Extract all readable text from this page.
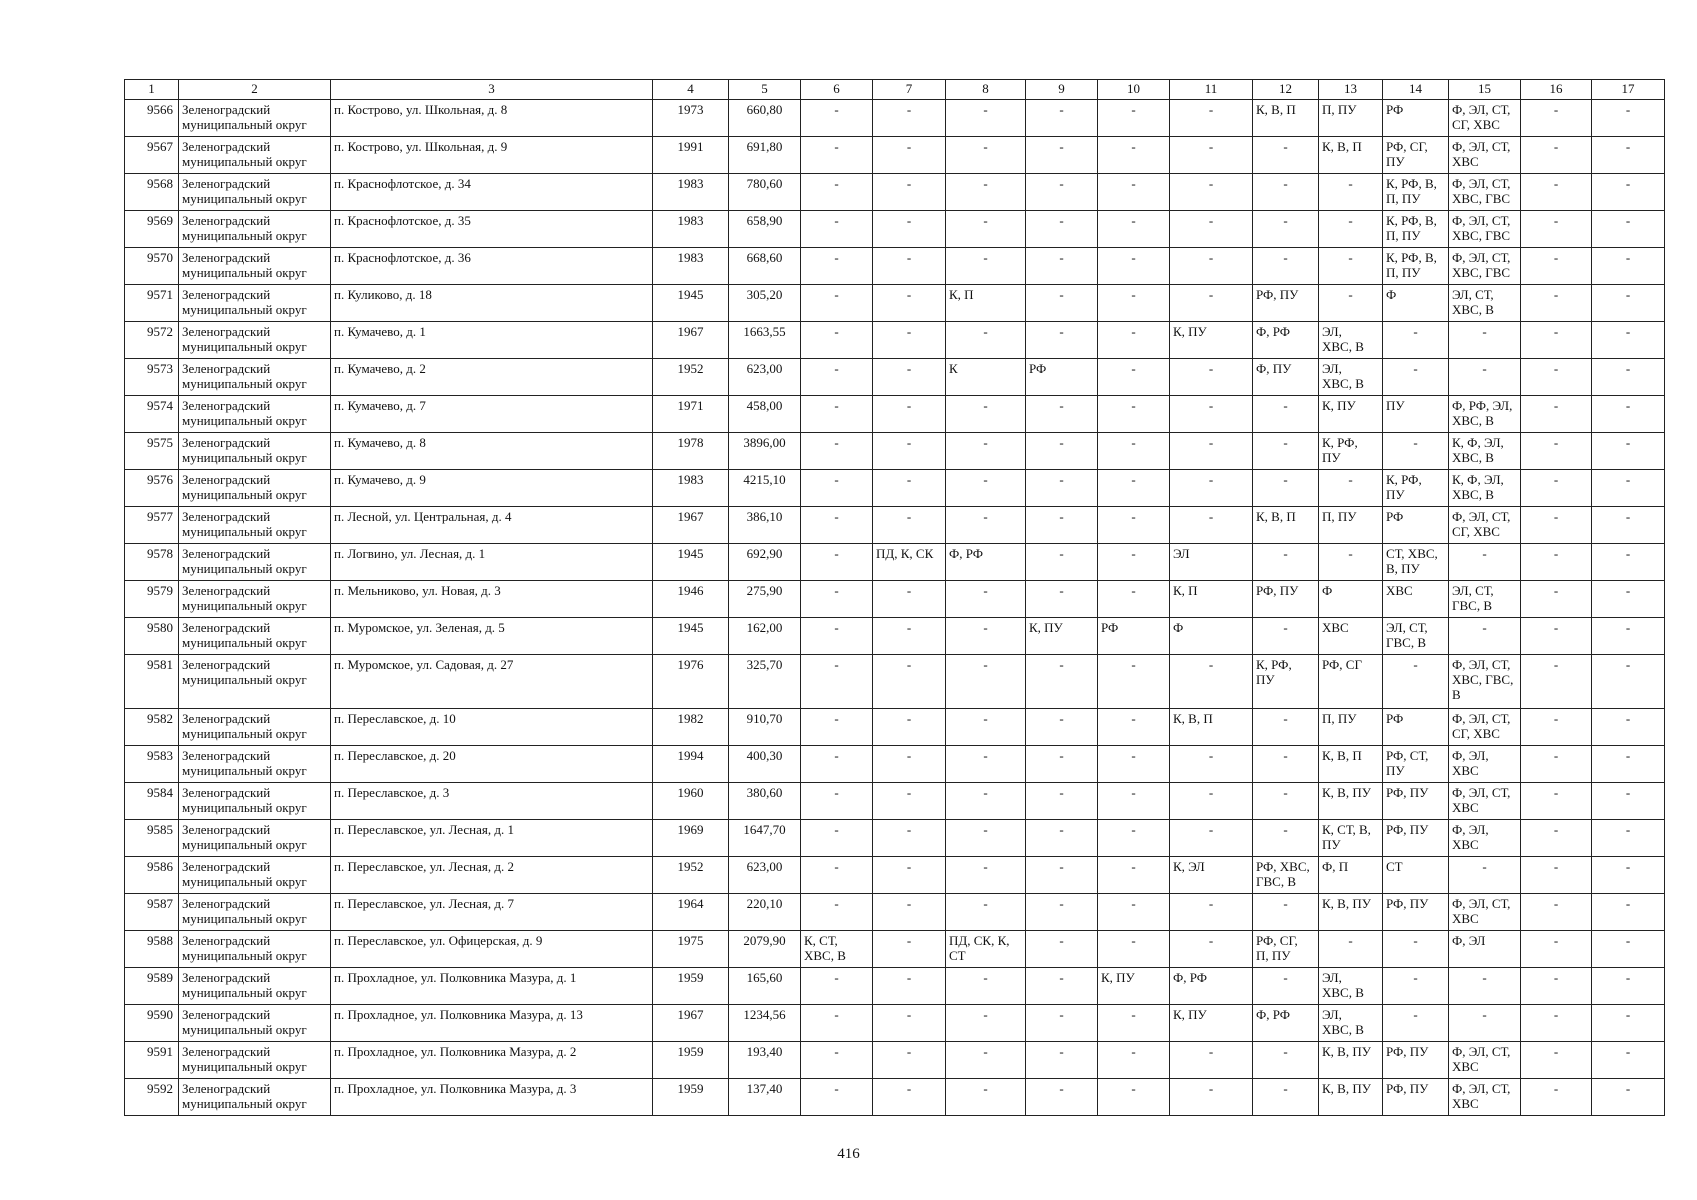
1	2	3	4	5	6	7	8	9	10	11	12	13	14	15	16	17
9566	Зеленоградский
муниципальный округ	п. Кострово, ул. Школьная, д. 8	1973	660,80	-	-	-	-	-	-	К, В, П	П, ПУ	РФ	Ф, ЭЛ, СТ,
СГ, ХВС	-	-
9567	Зеленоградский
муниципальный округ	п. Кострово, ул. Школьная, д. 9	1991	691,80	-	-	-	-	-	-	-	К, В, П	РФ, СГ,
ПУ	Ф, ЭЛ, СТ,
ХВС	-	-
9568	Зеленоградский
муниципальный округ	п. Краснофлотское, д. 34	1983	780,60	-	-	-	-	-	-	-	-	К, РФ, В,
П, ПУ	Ф, ЭЛ, СТ,
ХВС, ГВС	-	-
9569	Зеленоградский
муниципальный округ	п. Краснофлотское, д. 35	1983	658,90	-	-	-	-	-	-	-	-	К, РФ, В,
П, ПУ	Ф, ЭЛ, СТ,
ХВС, ГВС	-	-
9570	Зеленоградский
муниципальный округ	п. Краснофлотское, д. 36	1983	668,60	-	-	-	-	-	-	-	-	К, РФ, В,
П, ПУ	Ф, ЭЛ, СТ,
ХВС, ГВС	-	-
9571	Зеленоградский
муниципальный округ	п. Куликово, д. 18	1945	305,20	-	-	К, П	-	-	-	РФ, ПУ	-	Ф	ЭЛ, СТ,
ХВС, В	-	-
9572	Зеленоградский
муниципальный округ	п. Кумачево, д. 1	1967	1663,55	-	-	-	-	-	К, ПУ	Ф, РФ	ЭЛ,
ХВС, В	-	-	-	-
9573	Зеленоградский
муниципальный округ	п. Кумачево, д. 2	1952	623,00	-	-	К	РФ	-	-	Ф, ПУ	ЭЛ,
ХВС, В	-	-	-	-
9574	Зеленоградский
муниципальный округ	п. Кумачево, д. 7	1971	458,00	-	-	-	-	-	-	-	К, ПУ	ПУ	Ф, РФ, ЭЛ,
ХВС, В	-	-
9575	Зеленоградский
муниципальный округ	п. Кумачево, д. 8	1978	3896,00	-	-	-	-	-	-	-	К, РФ,
ПУ	-	К, Ф, ЭЛ,
ХВС, В	-	-
9576	Зеленоградский
муниципальный округ	п. Кумачево, д. 9	1983	4215,10	-	-	-	-	-	-	-	-	К, РФ,
ПУ	К, Ф, ЭЛ,
ХВС, В	-	-
9577	Зеленоградский
муниципальный округ	п. Лесной, ул. Центральная, д. 4	1967	386,10	-	-	-	-	-	-	К, В, П	П, ПУ	РФ	Ф, ЭЛ, СТ,
СГ, ХВС	-	-
9578	Зеленоградский
муниципальный округ	п. Логвино, ул. Лесная, д. 1	1945	692,90	-	ПД, К, СК	Ф, РФ	-	-	ЭЛ	-	-	СТ, ХВС,
В, ПУ	-	-	-
9579	Зеленоградский
муниципальный округ	п. Мельниково, ул. Новая, д. 3	1946	275,90	-	-	-	-	-	К, П	РФ, ПУ	Ф	ХВС	ЭЛ, СТ,
ГВС, В	-	-
9580	Зеленоградский
муниципальный округ	п. Муромское, ул. Зеленая, д. 5	1945	162,00	-	-	-	К, ПУ	РФ	Ф	-	ХВС	ЭЛ, СТ,
ГВС, В	-	-	-
9581	Зеленоградский
муниципальный округ	п. Муромское, ул. Садовая, д. 27	1976	325,70	-	-	-	-	-	-	К, РФ,
ПУ	РФ, СГ	-	Ф, ЭЛ, СТ,
ХВС, ГВС,
В	-	-
9582	Зеленоградский
муниципальный округ	п. Переславское, д. 10	1982	910,70	-	-	-	-	-	К, В, П	-	П, ПУ	РФ	Ф, ЭЛ, СТ,
СГ, ХВС	-	-
9583	Зеленоградский
муниципальный округ	п. Переславское, д. 20	1994	400,30	-	-	-	-	-	-	-	К, В, П	РФ, СТ,
ПУ	Ф, ЭЛ,
ХВС	-	-
9584	Зеленоградский
муниципальный округ	п. Переславское, д. 3	1960	380,60	-	-	-	-	-	-	-	К, В, ПУ	РФ, ПУ	Ф, ЭЛ, СТ,
ХВС	-	-
9585	Зеленоградский
муниципальный округ	п. Переславское, ул. Лесная, д. 1	1969	1647,70	-	-	-	-	-	-	-	К, СТ, В,
ПУ	РФ, ПУ	Ф, ЭЛ,
ХВС	-	-
9586	Зеленоградский
муниципальный округ	п. Переславское, ул. Лесная, д. 2	1952	623,00	-	-	-	-	-	К, ЭЛ	РФ, ХВС,
ГВС, В	Ф, П	СТ	-	-	-
9587	Зеленоградский
муниципальный округ	п. Переславское, ул. Лесная, д. 7	1964	220,10	-	-	-	-	-	-	-	К, В, ПУ	РФ, ПУ	Ф, ЭЛ, СТ,
ХВС	-	-
9588	Зеленоградский
муниципальный округ	п. Переславское, ул. Офицерская, д. 9	1975	2079,90	К, СТ,
ХВС, В	-	ПД, СК, К,
СТ	-	-	-	РФ, СГ,
П, ПУ	-	-	Ф, ЭЛ	-	-
9589	Зеленоградский
муниципальный округ	п. Прохладное, ул. Полковника Мазура, д. 1	1959	165,60	-	-	-	-	К, ПУ	Ф, РФ	-	ЭЛ,
ХВС, В	-	-	-	-
9590	Зеленоградский
муниципальный округ	п. Прохладное, ул. Полковника Мазура, д. 13	1967	1234,56	-	-	-	-	-	К, ПУ	Ф, РФ	ЭЛ,
ХВС, В	-	-	-	-
9591	Зеленоградский
муниципальный округ	п. Прохладное, ул. Полковника Мазура, д. 2	1959	193,40	-	-	-	-	-	-	-	К, В, ПУ	РФ, ПУ	Ф, ЭЛ, СТ,
ХВС	-	-
9592	Зеленоградский
муниципальный округ	п. Прохладное, ул. Полковника Мазура, д. 3	1959	137,40	-	-	-	-	-	-	-	К, В, ПУ	РФ, ПУ	Ф, ЭЛ, СТ,
ХВС	-	-
416
